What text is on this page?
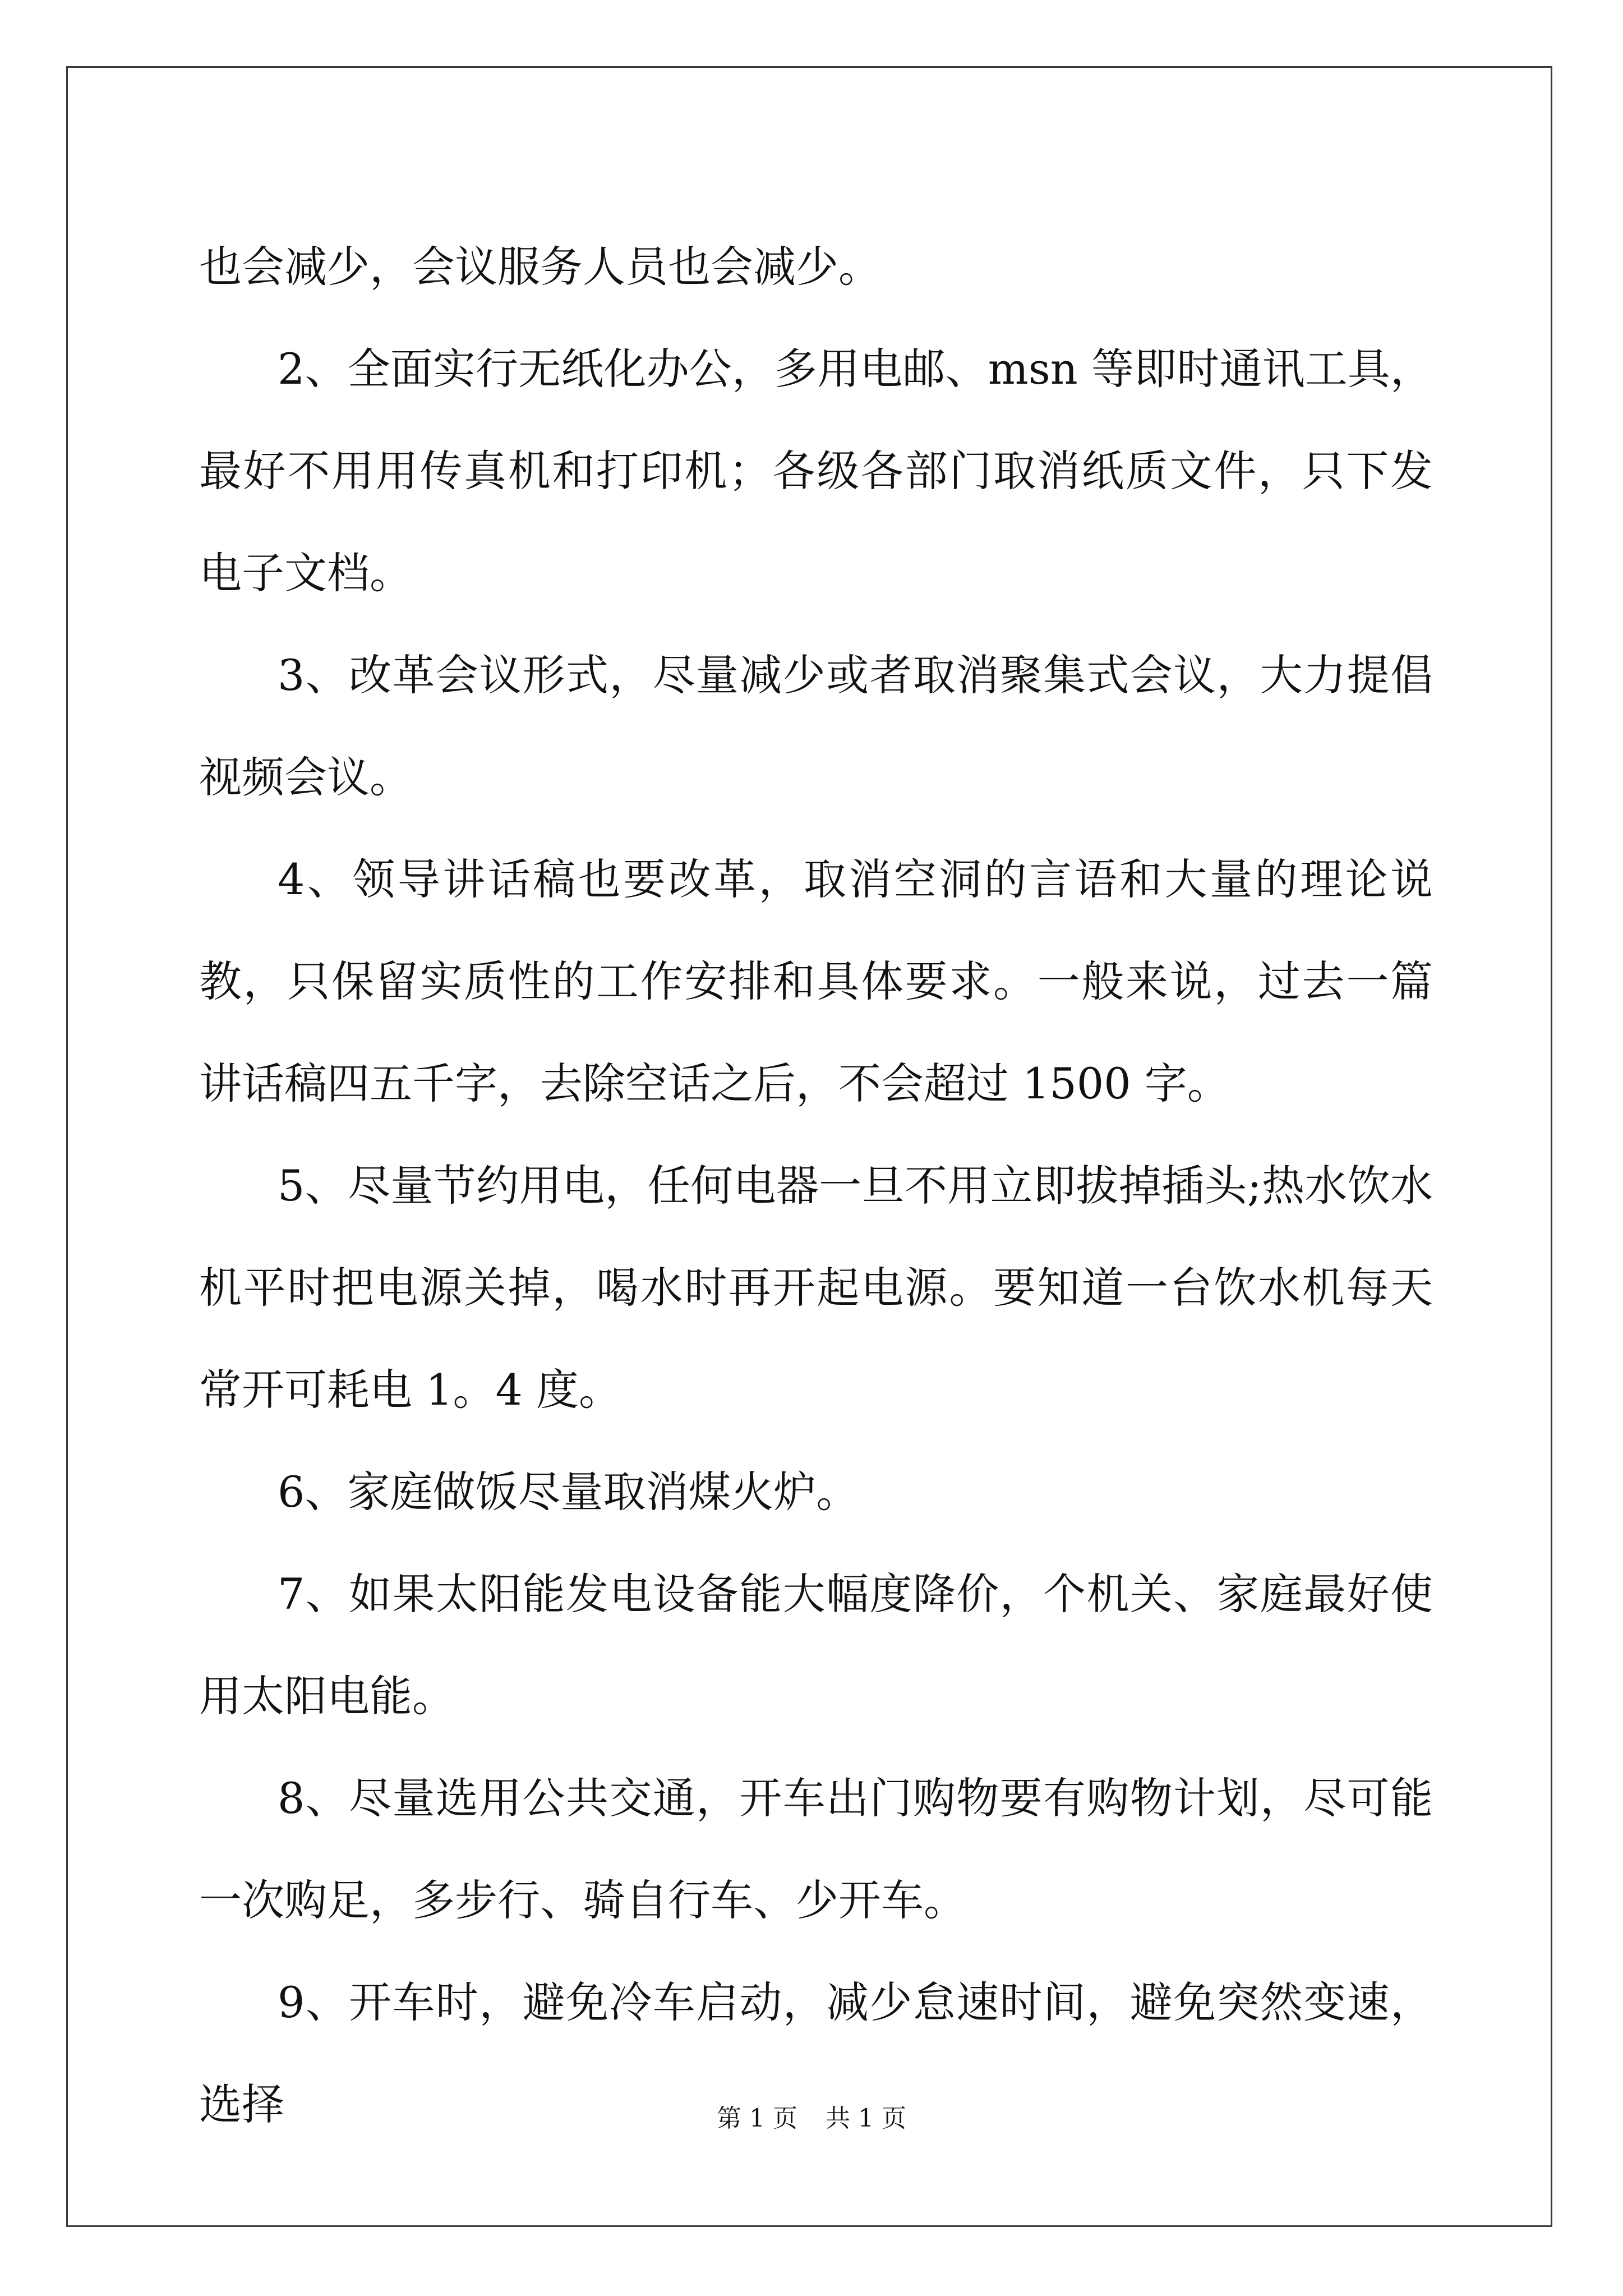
也会减少，会议服务人员也会减少。

2、全面实行无纸化办公，多用电邮、msn 等即时通讯工具，最好不用用传真机和打印机；各级各部门取消纸质文件，只下发电子文档。

3、改革会议形式，尽量减少或者取消聚集式会议，大力提倡视频会议。

4、领导讲话稿也要改革，取消空洞的言语和大量的理论说教，只保留实质性的工作安排和具体要求。一般来说，过去一篇讲话稿四五千字，去除空话之后，不会超过 1500 字。

5、尽量节约用电，任何电器一旦不用立即拔掉插头;热水饮水机平时把电源关掉，喝水时再开起电源。要知道一台饮水机每天常开可耗电 1。4 度。

6、家庭做饭尽量取消煤火炉。

7、如果太阳能发电设备能大幅度降价，个机关、家庭最好使用太阳电能。

8、尽量选用公共交通，开车出门购物要有购物计划，尽可能一次购足，多步行、骑自行车、少开车。

9、开车时，避免冷车启动，减少怠速时间，避免突然变速，选择	第 1 页 共 1 页
